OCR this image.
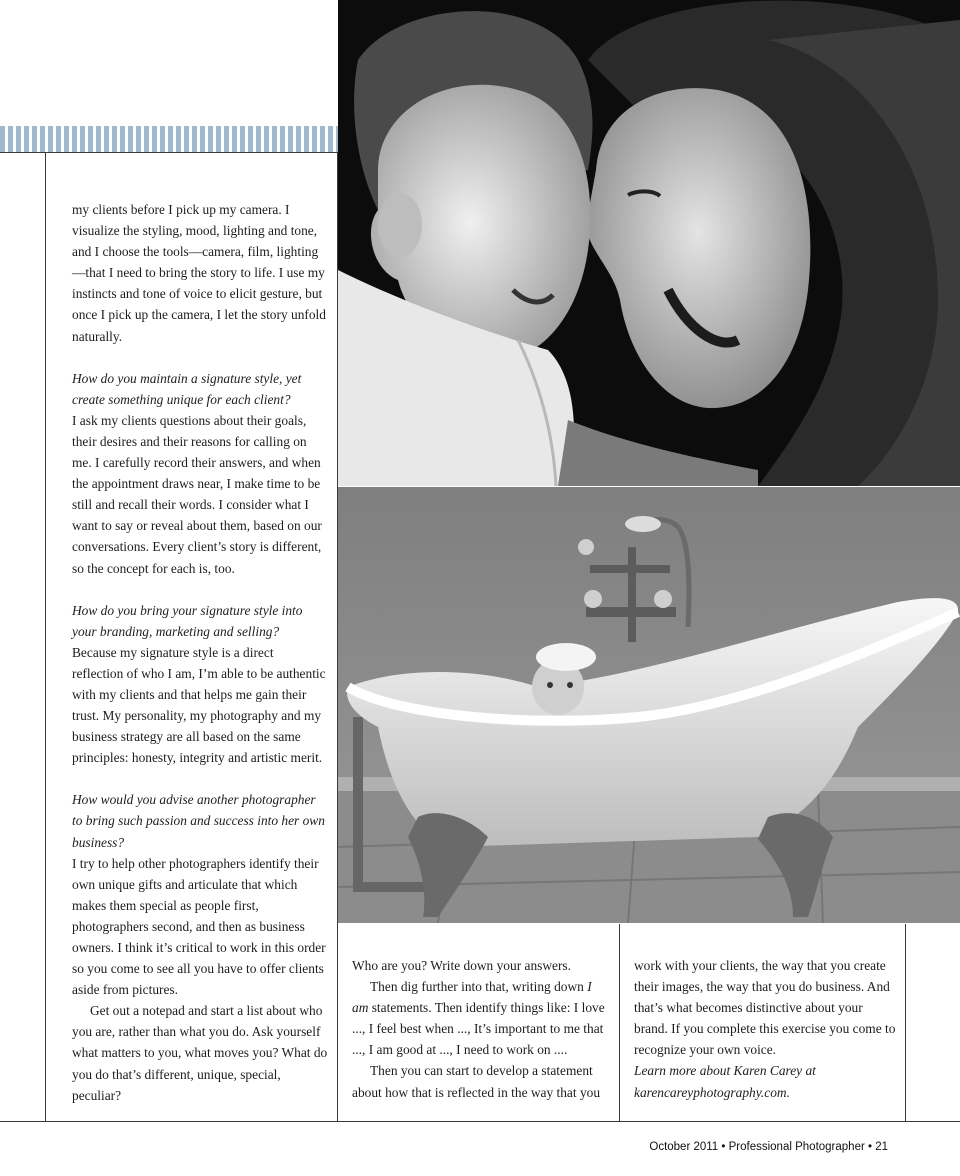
my clients before I pick up my camera. I visualize the styling, mood, lighting and tone, and I choose the tools—camera, film, lighting—that I need to bring the story to life. I use my instincts and tone of voice to elicit gesture, but once I pick up the camera, I let the story unfold naturally.

How do you maintain a signature style, yet create something unique for each client?

I ask my clients questions about their goals, their desires and their reasons for calling on me. I carefully record their answers, and when the appointment draws near, I make time to be still and recall their words. I consider what I want to say or reveal about them, based on our conversations. Every client’s story is different, so the concept for each is, too.

How do you bring your signature style into your branding, marketing and selling?

Because my signature style is a direct reflection of who I am, I’m able to be authentic with my clients and that helps me gain their trust. My personality, my photography and my business strategy are all based on the same principles: honesty, integrity and artistic merit.

How would you advise another photographer to bring such passion and success into her own business?

I try to help other photographers identify their own unique gifts and articulate that which makes them special as people first, photographers second, and then as business owners. I think it’s critical to work in this order so you come to see all you have to offer clients aside from pictures.

Get out a notepad and start a list about who you are, rather than what you do. Ask yourself what matters to you, what moves you? What do you do that’s different, unique, special, peculiar?

Who are you? Write down your answers.

Then dig further into that, writing down I am statements. Then identify things like: I love ..., I feel best when ..., It’s important to me that ..., I am good at ..., I need to work on ....

Then you can start to develop a statement about how that is reflected in the way that you

work with your clients, the way that you create their images, the way that you do business. And that’s what becomes distinctive about your brand. If you complete this exercise you come to recognize your own voice.

Learn more about Karen Carey at karencareyphotography.com.

October 2011 • Professional Photographer • 21
